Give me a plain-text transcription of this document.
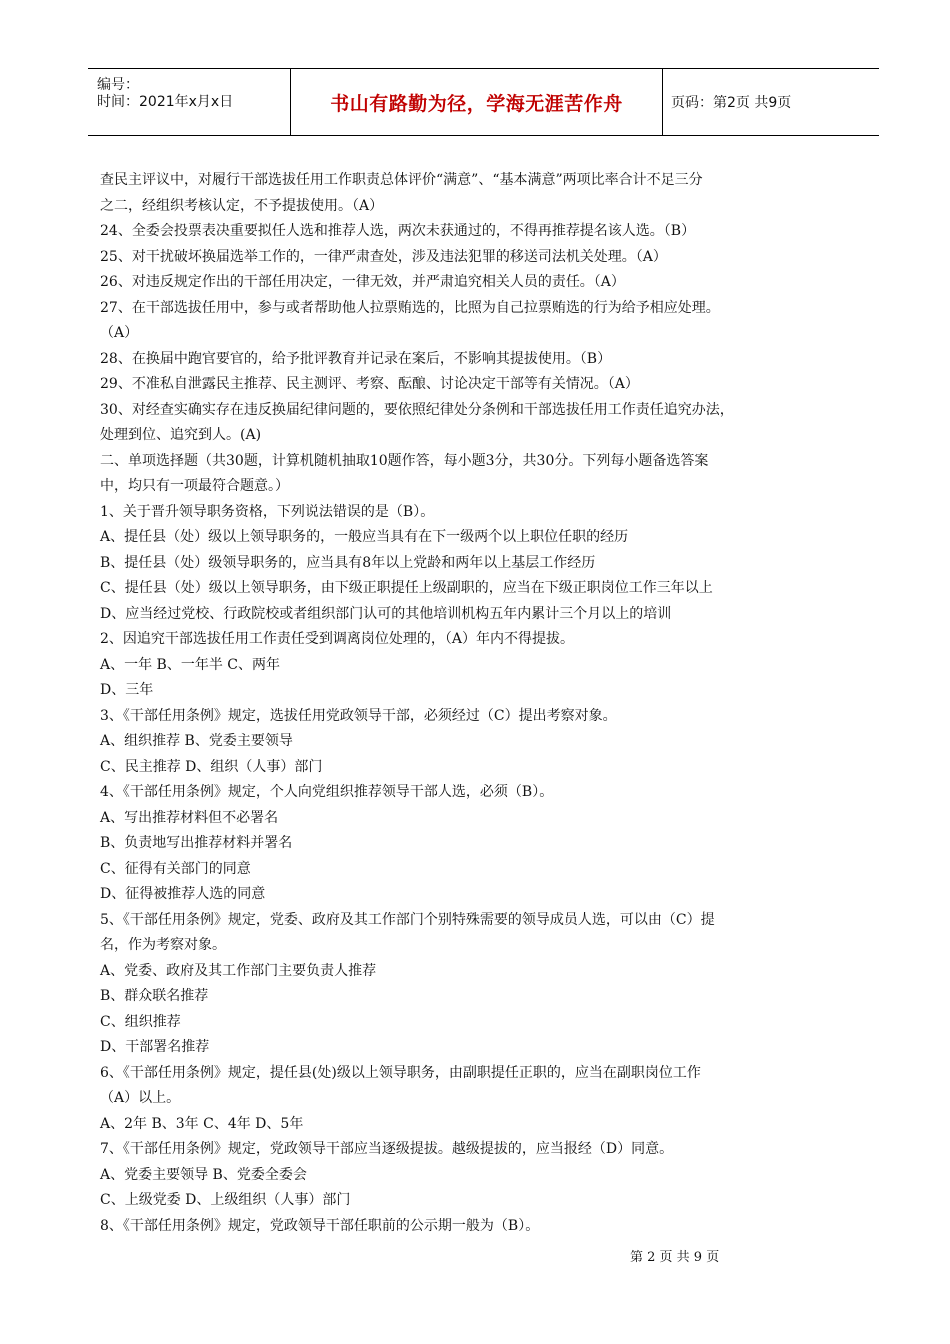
编号：
时间：2021年x月x日	书山有路勤为径，学海无涯苦作舟	页码：第2页 共9页
查民主评议中，对履行干部选拔任用工作职责总体评价“满意”、“基本满意”两项比率合计不足三分
之二，经组织考核认定，不予提拔使用。（A）
24、全委会投票表决重要拟任人选和推荐人选，两次未获通过的，不得再推荐提名该人选。（B）
25、对干扰破坏换届选举工作的，一律严肃查处，涉及违法犯罪的移送司法机关处理。（A）
26、对违反规定作出的干部任用决定，一律无效，并严肃追究相关人员的责任。（A）
27、在干部选拔任用中，参与或者帮助他人拉票贿选的，比照为自己拉票贿选的行为给予相应处理。
（A）
28、在换届中跑官要官的，给予批评教育并记录在案后，不影响其提拔使用。（B）
29、不准私自泄露民主推荐、民主测评、考察、酝酿、讨论决定干部等有关情况。（A）
30、对经查实确实存在违反换届纪律问题的，要依照纪律处分条例和干部选拔任用工作责任追究办法，
处理到位、追究到人。(A)
二、单项选择题（共30题，计算机随机抽取10题作答，每小题3分，共30分。下列每小题备选答案
中，均只有一项最符合题意。）
1、关于晋升领导职务资格，下列说法错误的是（B）。
A、提任县（处）级以上领导职务的，一般应当具有在下一级两个以上职位任职的经历
B、提任县（处）级领导职务的，应当具有8年以上党龄和两年以上基层工作经历
C、提任县（处）级以上领导职务，由下级正职提任上级副职的，应当在下级正职岗位工作三年以上
D、应当经过党校、行政院校或者组织部门认可的其他培训机构五年内累计三个月以上的培训
2、因追究干部选拔任用工作责任受到调离岗位处理的，（A）年内不得提拔。
A、一年 B、一年半 C、两年
D、三年
3、《干部任用条例》规定，选拔任用党政领导干部，必须经过（C）提出考察对象。
A、组织推荐 B、党委主要领导
C、民主推荐 D、组织（人事）部门
4、《干部任用条例》规定，个人向党组织推荐领导干部人选，必须（B）。
A、写出推荐材料但不必署名
B、负责地写出推荐材料并署名
C、征得有关部门的同意
D、征得被推荐人选的同意
5、《干部任用条例》规定，党委、政府及其工作部门个别特殊需要的领导成员人选，可以由（C）提
名，作为考察对象。
A、党委、政府及其工作部门主要负责人推荐
B、群众联名推荐
C、组织推荐
D、干部署名推荐
6、《干部任用条例》规定，提任县(处)级以上领导职务，由副职提任正职的，应当在副职岗位工作
（A）以上。
A、2年 B、3年 C、4年 D、5年
7、《干部任用条例》规定，党政领导干部应当逐级提拔。越级提拔的，应当报经（D）同意。
A、党委主要领导 B、党委全委会
C、上级党委 D、上级组织（人事）部门
8、《干部任用条例》规定，党政领导干部任职前的公示期一般为（B）。
第 2 页 共 9 页
